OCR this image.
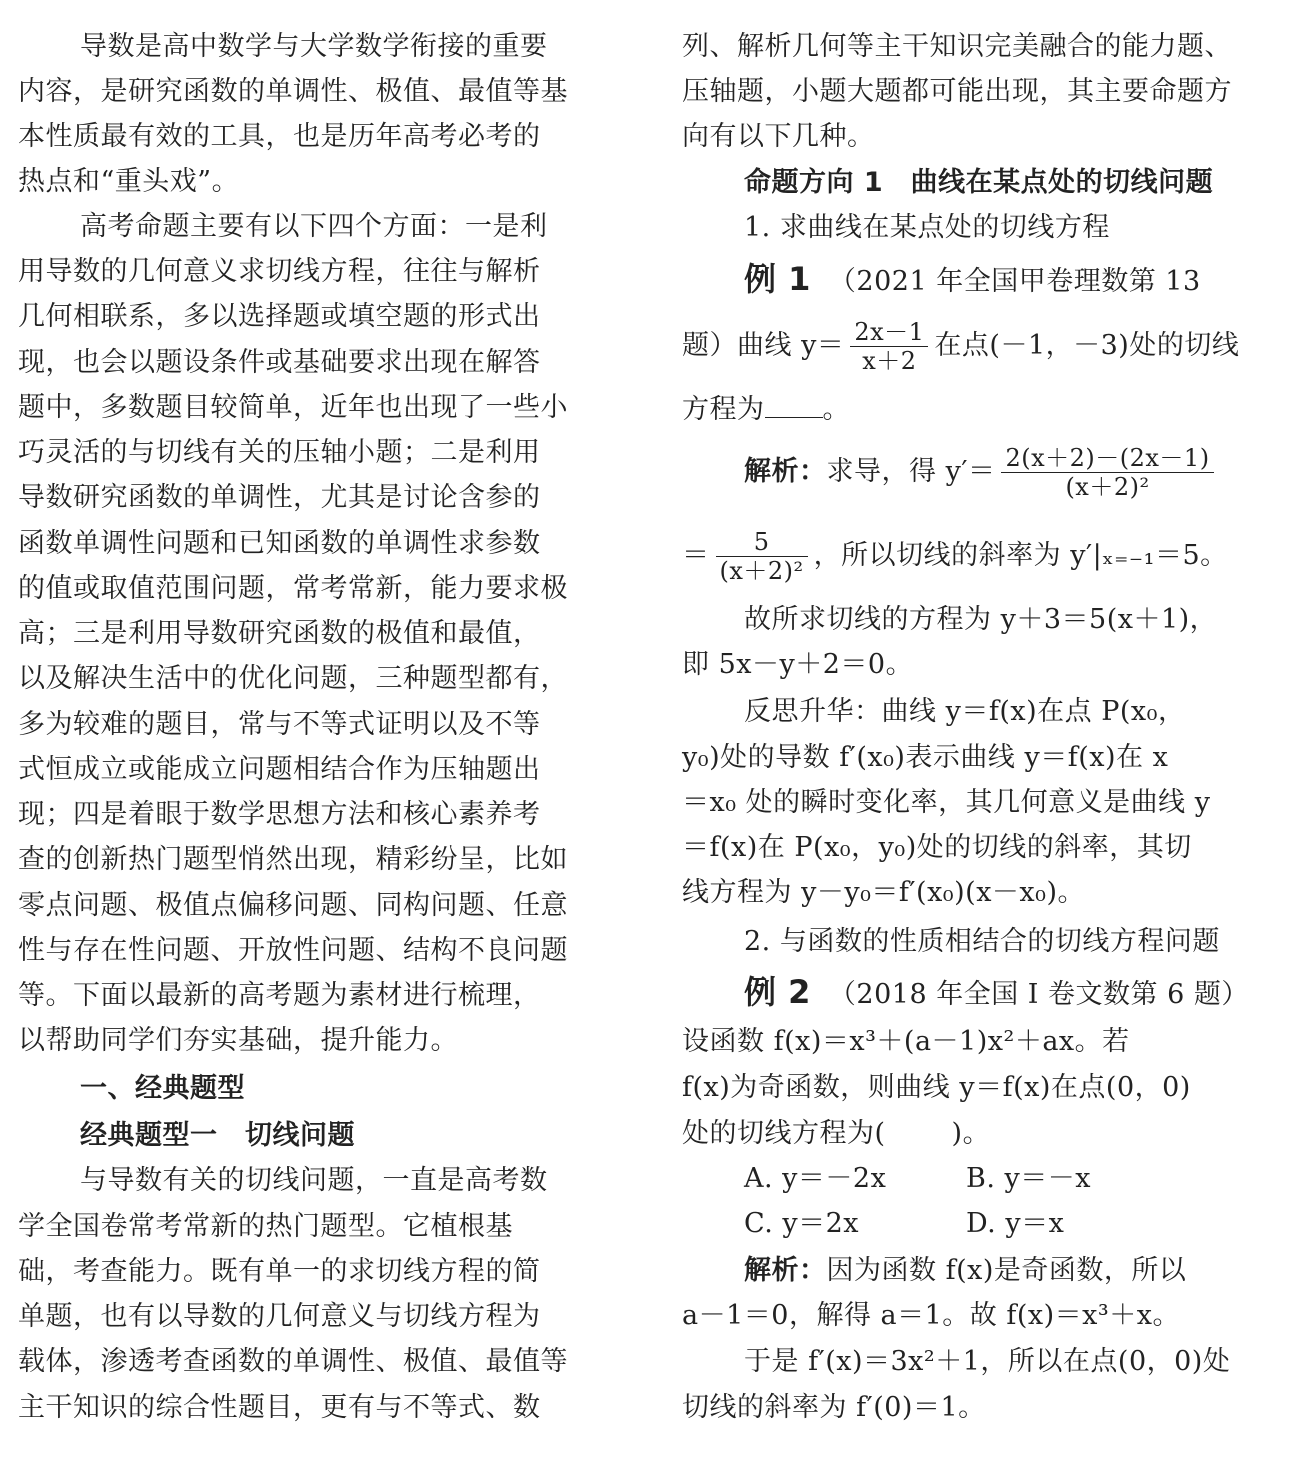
导数是高中数学与大学数学衔接的重要
内容，是研究函数的单调性、极值、最值等基
本性质最有效的工具，也是历年高考必考的
热点和“重头戏”。
高考命题主要有以下四个方面：一是利
用导数的几何意义求切线方程，往往与解析
几何相联系，多以选择题或填空题的形式出
现，也会以题设条件或基础要求出现在解答
题中，多数题目较简单，近年也出现了一些小
巧灵活的与切线有关的压轴小题；二是利用
导数研究函数的单调性，尤其是讨论含参的
函数单调性问题和已知函数的单调性求参数
的值或取值范围问题，常考常新，能力要求极
高；三是利用导数研究函数的极值和最值，
以及解决生活中的优化问题，三种题型都有，
多为较难的题目，常与不等式证明以及不等
式恒成立或能成立问题相结合作为压轴题出
现；四是着眼于数学思想方法和核心素养考
查的创新热门题型悄然出现，精彩纷呈，比如
零点问题、极值点偏移问题、同构问题、任意
性与存在性问题、开放性问题、结构不良问题
等。下面以最新的高考题为素材进行梳理，
以帮助同学们夯实基础，提升能力。
一、经典题型
经典题型一　切线问题
与导数有关的切线问题，一直是高考数
学全国卷常考常新的热门题型。它植根基
础，考查能力。既有单一的求切线方程的简
单题，也有以导数的几何意义与切线方程为
载体，渗透考查函数的单调性、极值、最值等
主干知识的综合性题目，更有与不等式、数
列、解析几何等主干知识完美融合的能力题、
压轴题，小题大题都可能出现，其主要命题方
向有以下几种。
命题方向 1　曲线在某点处的切线问题
1. 求曲线在某点处的切线方程
例 1 （2021 年全国甲卷理数第 13
题）曲线 $y= \frac{2x-1}{x+2}$ 在点(－1，－3)处的切线
方程为 。
解析：求导，得 $y'= \frac{2(x+2)-(2x-1)}{\text{(x＋2)²}}$
＝ $\frac{5}{\text{(x＋2)²}}$ ，所以切线的斜率为 y′|ₓ₌₋₁＝5。
故所求切线的方程为 y＋3＝5(x＋1)，
即 5x－y＋2＝0。
反思升华：曲线 y＝f(x)在点 P(x₀，
y₀)处的导数 f′(x₀)表示曲线 y＝f(x)在 x
＝x₀ 处的瞬时变化率，其几何意义是曲线 y
＝f(x)在 P(x₀，y₀)处的切线的斜率，其切
线方程为 y－y₀＝f′(x₀)(x－x₀)。
2. 与函数的性质相结合的切线方程问题
例 2 （2018 年全国 Ⅰ 卷文数第 6 题）
设函数 f(x)＝x³＋(a－1)x²＋ax。若
f(x)为奇函数，则曲线 y＝f(x)在点(0，0)
处的切线方程为( )。
A. y＝－2x	B. y＝－x
C. y＝2x	D. y＝x
解析：因为函数 f(x)是奇函数，所以
a－1＝0，解得 a＝1。故 f(x)＝x³＋x。
于是 f′(x)＝3x²＋1，所以在点(0，0)处
切线的斜率为 f′(0)＝1。
